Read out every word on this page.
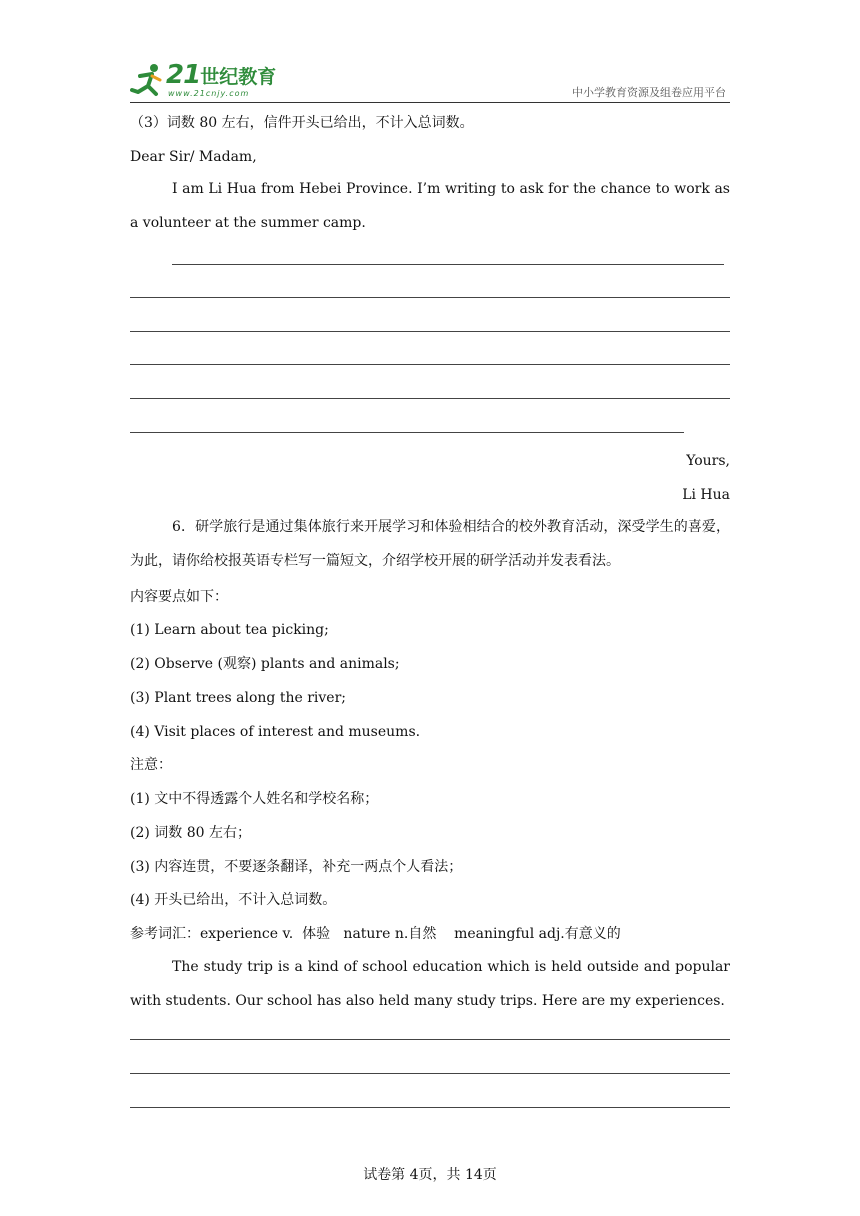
21世纪教育
www.21cnjy.com	中小学教育资源及组卷应用平台
（3）词数 80 左右，信件开头已给出，不计入总词数。
Dear Sir/ Madam,
I am Li Hua from Hebei Province. I’m writing to ask for the chance to work as a volunteer at the summer camp.
Yours,
Li Hua
6．研学旅行是通过集体旅行来开展学习和体验相结合的校外教育活动，深受学生的喜爱，为此，请你给校报英语专栏写一篇短文，介绍学校开展的研学活动并发表看法。
内容要点如下：
(1) Learn about tea picking;
(2) Observe (观察) plants and animals;
(3) Plant trees along the river;
(4) Visit places of interest and museums.
注意：
(1) 文中不得透露个人姓名和学校名称；
(2) 词数 80 左右；
(3) 内容连贯，不要逐条翻译，补充一两点个人看法；
(4) 开头已给出，不计入总词数。
参考词汇：experience v.  体验   nature n.自然    meaningful adj.有意义的
The study trip is a kind of school education which is held outside and popular with students. Our school has also held many study trips. Here are my experiences.
试卷第 4页，共 14页
